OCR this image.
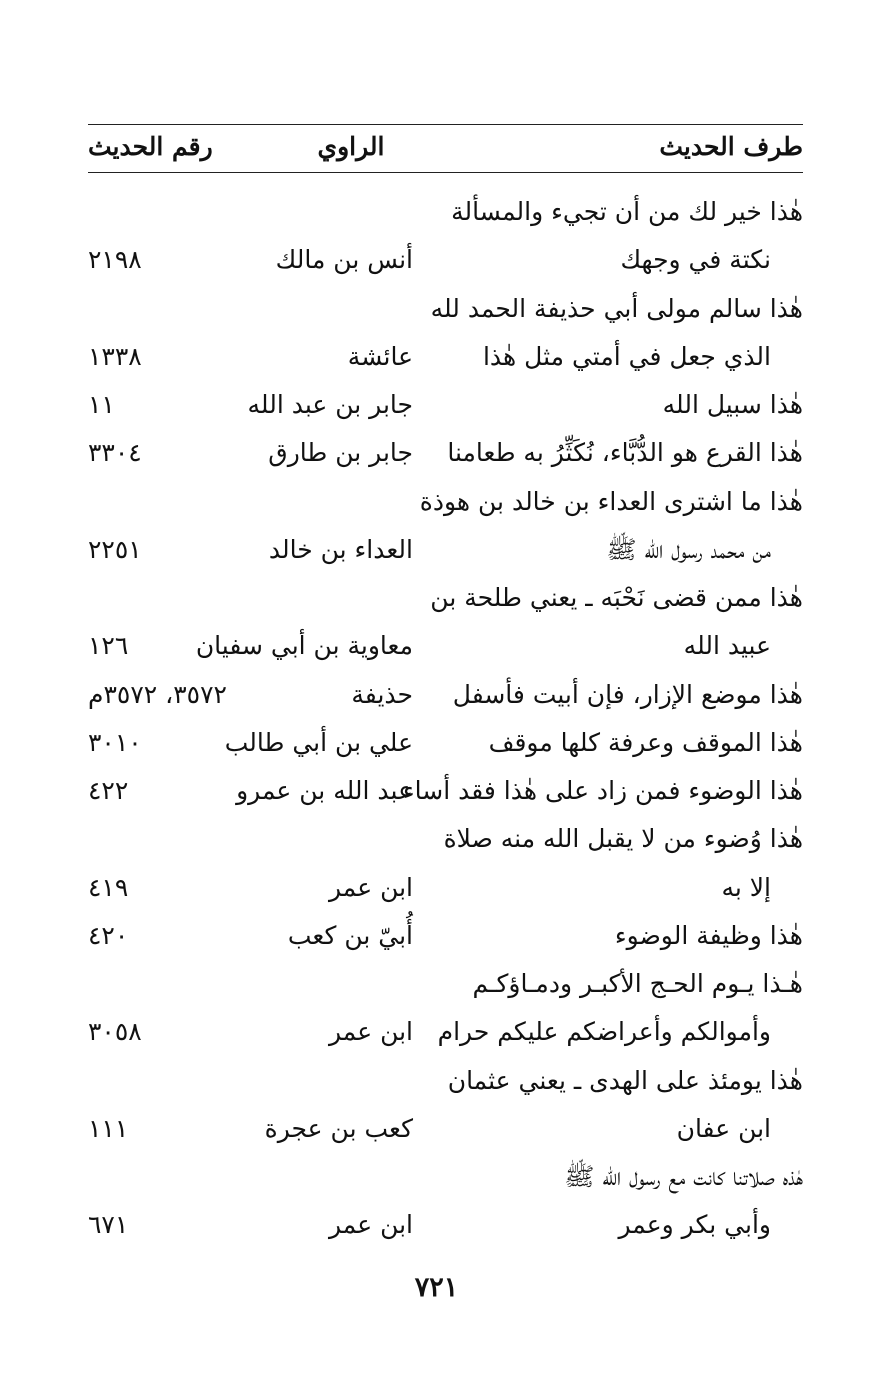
طرف الحديث
الراوي
رقم الحديث
هٰذا خير لك من أن تجيء والمسألة
نكتة في وجهك
أنس بن مالك
٢١٩٨
هٰذا سالم مولى أبي حذيفة الحمد لله
الذي جعل في أمتي مثل هٰذا
عائشة
١٣٣٨
هٰذا سبيل الله
جابر بن عبد الله
١١
هٰذا القرع هو الدُّبَّاء، نُكَثِّرُ به طعامنا
جابر بن طارق
٣٣٠٤
هٰذا ما اشترى العداء بن خالد بن هوذة
من محمد رسول الله ﷺ
العداء بن خالد
٢٢٥١
هٰذا ممن قضى نَحْبَه ـ يعني طلحة بن
عبيد الله
معاوية بن أبي سفيان
١٢٦
هٰذا موضع الإزار، فإن أبيت فأسفل
حذيفة
٣٥٧٢، ٣٥٧٢م
هٰذا الموقف وعرفة كلها موقف
علي بن أبي طالب
٣٠١٠
هٰذا الوضوء فمن زاد على هٰذا فقد أساء
عبد الله بن عمرو
٤٢٢
هٰذا وُضوء من لا يقبل الله منه صلاة
إلا به
ابن عمر
٤١٩
هٰذا وظيفة الوضوء
أُبيّ بن كعب
٤٢٠
هٰـذا يـوم الحـج الأكبـر ودمـاؤكـم
وأموالكم وأعراضكم عليكم حرام
ابن عمر
٣٠٥٨
هٰذا يومئذ على الهدى ـ يعني عثمان
ابن عفان
كعب بن عجرة
١١١
هٰذه صلاتنا كانت مع رسول الله ﷺ
وأبي بكر وعمر
ابن عمر
٦٧١
٧٢١
